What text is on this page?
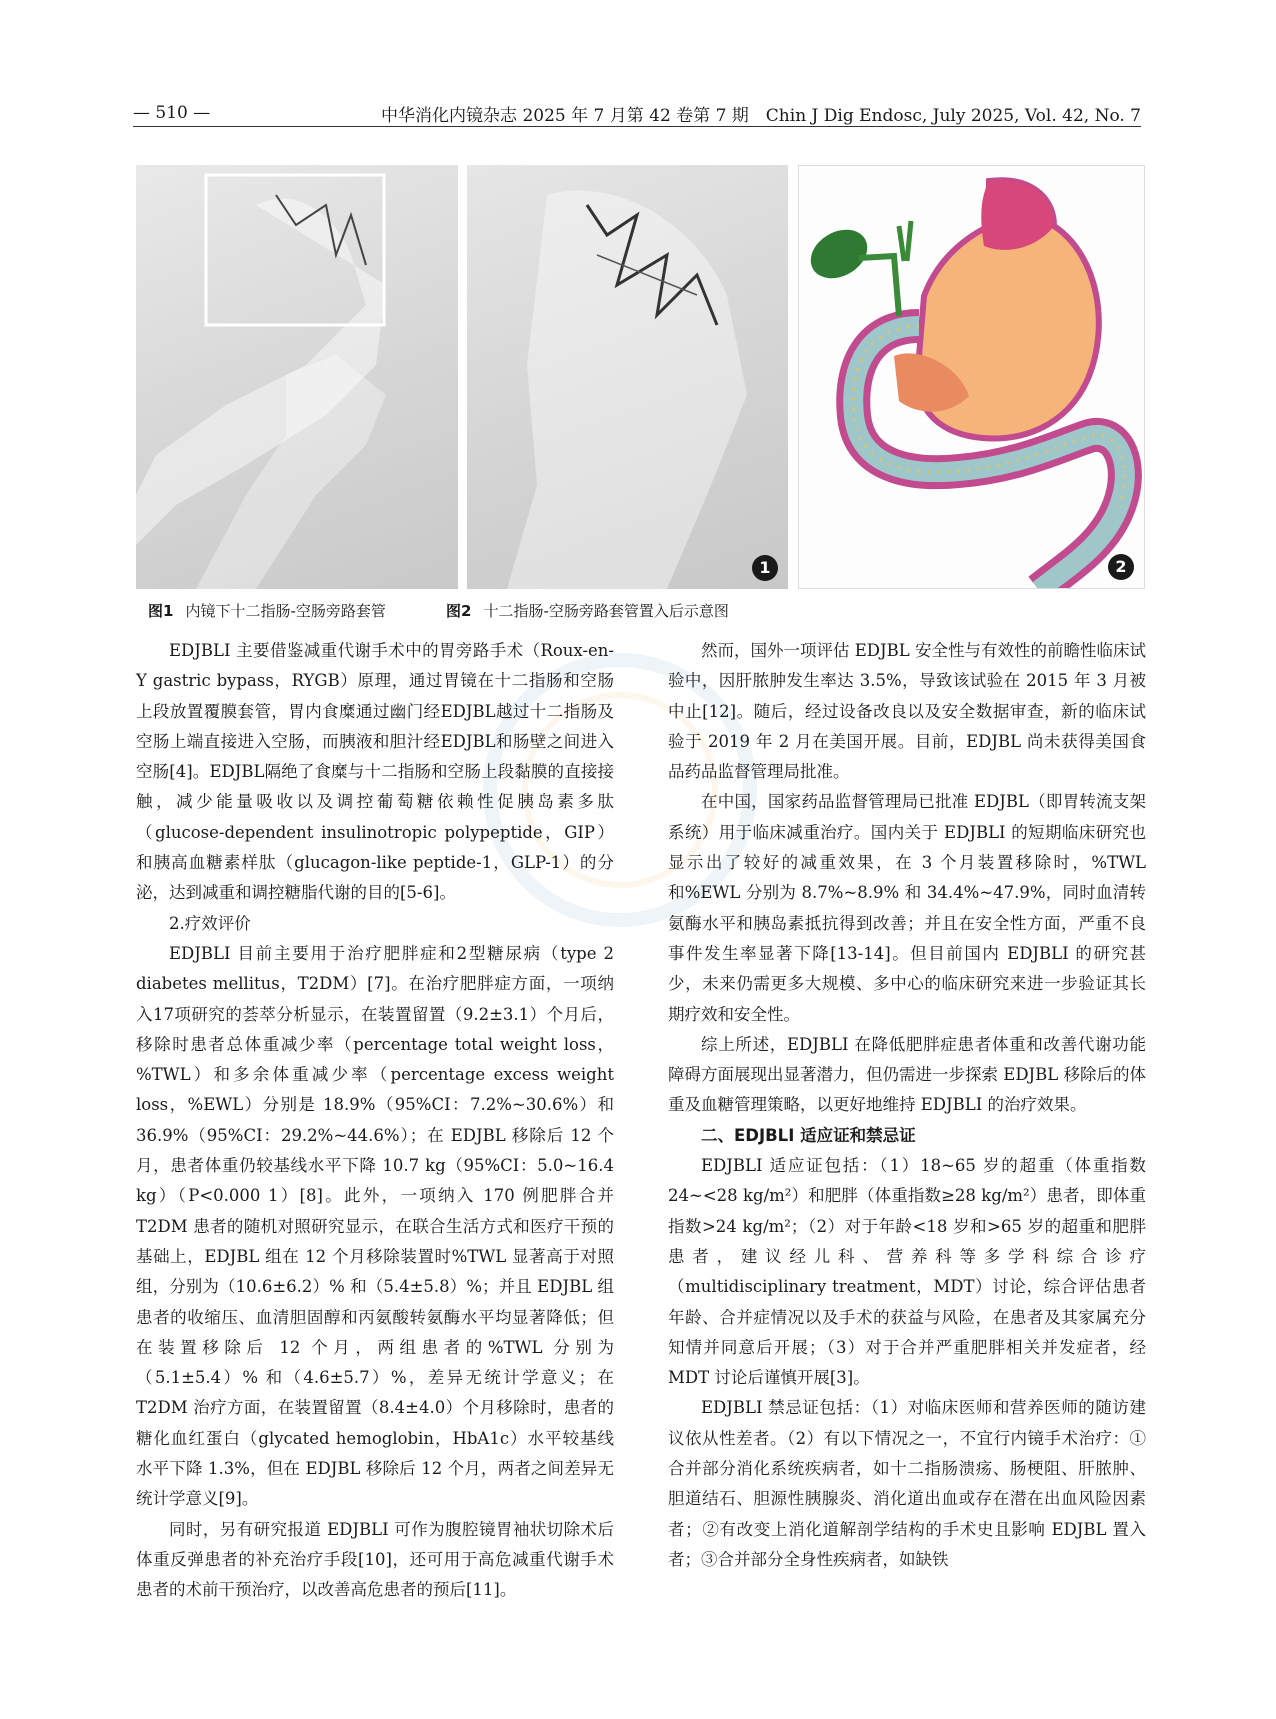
— 510 —	中华消化内镜杂志 2025 年 7 月第 42 卷第 7 期　Chin J Dig Endosc, July 2025, Vol. 42, No. 7
1	2
图1 内镜下十二指肠-空肠旁路套管	图2 十二指肠-空肠旁路套管置入后示意图

EDJBLI 主要借鉴减重代谢手术中的胃旁路手术（Roux-en-Y gastric bypass，RYGB）原理，通过胃镜在十二指肠和空肠上段放置覆膜套管，胃内食糜通过幽门经EDJBL越过十二指肠及空肠上端直接进入空肠，而胰液和胆汁经EDJBL和肠壁之间进入空肠[4]。EDJBL隔绝了食糜与十二指肠和空肠上段黏膜的直接接触，减少能量吸收以及调控葡萄糖依赖性促胰岛素多肽（glucose-dependent insulinotropic polypeptide，GIP）和胰高血糖素样肽（glucagon-like peptide-1，GLP-1）的分泌，达到减重和调控糖脂代谢的目的[5-6]。

2.疗效评价

EDJBLI 目前主要用于治疗肥胖症和2型糖尿病（type 2 diabetes mellitus，T2DM）[7]。在治疗肥胖症方面，一项纳入17项研究的荟萃分析显示，在装置留置（9.2±3.1）个月后，移除时患者总体重减少率（percentage total weight loss，%TWL）和多余体重减少率（percentage excess weight loss，%EWL）分别是 18.9%（95%CI：7.2%~30.6%）和 36.9%（95%CI：29.2%~44.6%）；在 EDJBL 移除后 12 个月，患者体重仍较基线水平下降 10.7 kg（95%CI：5.0~16.4 kg）（P<0.000 1）[8]。此外，一项纳入 170 例肥胖合并 T2DM 患者的随机对照研究显示，在联合生活方式和医疗干预的基础上，EDJBL 组在 12 个月移除装置时%TWL 显著高于对照组，分别为（10.6±6.2）% 和（5.4±5.8）%；并且 EDJBL 组患者的收缩压、血清胆固醇和丙氨酸转氨酶水平均显著降低；但在装置移除后 12 个月，两组患者的%TWL 分别为（5.1±5.4）% 和（4.6±5.7）%，差异无统计学意义；在 T2DM 治疗方面，在装置留置（8.4±4.0）个月移除时，患者的糖化血红蛋白（glycated hemoglobin，HbA1c）水平较基线水平下降 1.3%，但在 EDJBL 移除后 12 个月，两者之间差异无统计学意义[9]。

同时，另有研究报道 EDJBLI 可作为腹腔镜胃袖状切除术后体重反弹患者的补充治疗手段[10]，还可用于高危减重代谢手术患者的术前干预治疗，以改善高危患者的预后[11]。

然而，国外一项评估 EDJBL 安全性与有效性的前瞻性临床试验中，因肝脓肿发生率达 3.5%，导致该试验在 2015 年 3 月被中止[12]。随后，经过设备改良以及安全数据审查，新的临床试验于 2019 年 2 月在美国开展。目前，EDJBL 尚未获得美国食品药品监督管理局批准。

在中国，国家药品监督管理局已批准 EDJBL（即胃转流支架系统）用于临床减重治疗。国内关于 EDJBLI 的短期临床研究也显示出了较好的减重效果，在 3 个月装置移除时，%TWL 和%EWL 分别为 8.7%~8.9% 和 34.4%~47.9%，同时血清转氨酶水平和胰岛素抵抗得到改善；并且在安全性方面，严重不良事件发生率显著下降[13-14]。但目前国内 EDJBLI 的研究甚少，未来仍需更多大规模、多中心的临床研究来进一步验证其长期疗效和安全性。

综上所述，EDJBLI 在降低肥胖症患者体重和改善代谢功能障碍方面展现出显著潜力，但仍需进一步探索 EDJBL 移除后的体重及血糖管理策略，以更好地维持 EDJBLI 的治疗效果。

二、EDJBLI 适应证和禁忌证

EDJBLI 适应证包括：（1）18~65 岁的超重（体重指数 24~<28 kg/m²）和肥胖（体重指数≥28 kg/m²）患者，即体重指数>24 kg/m²；（2）对于年龄<18 岁和>65 岁的超重和肥胖患者，建议经儿科、营养科等多学科综合诊疗（multidisciplinary treatment，MDT）讨论，综合评估患者年龄、合并症情况以及手术的获益与风险，在患者及其家属充分知情并同意后开展；（3）对于合并严重肥胖相关并发症者，经 MDT 讨论后谨慎开展[3]。

EDJBLI 禁忌证包括：（1）对临床医师和营养医师的随访建议依从性差者。（2）有以下情况之一，不宜行内镜手术治疗：①合并部分消化系统疾病者，如十二指肠溃疡、肠梗阻、肝脓肿、胆道结石、胆源性胰腺炎、消化道出血或存在潜在出血风险因素者；②有改变上消化道解剖学结构的手术史且影响 EDJBL 置入者；③合并部分全身性疾病者，如缺铁
